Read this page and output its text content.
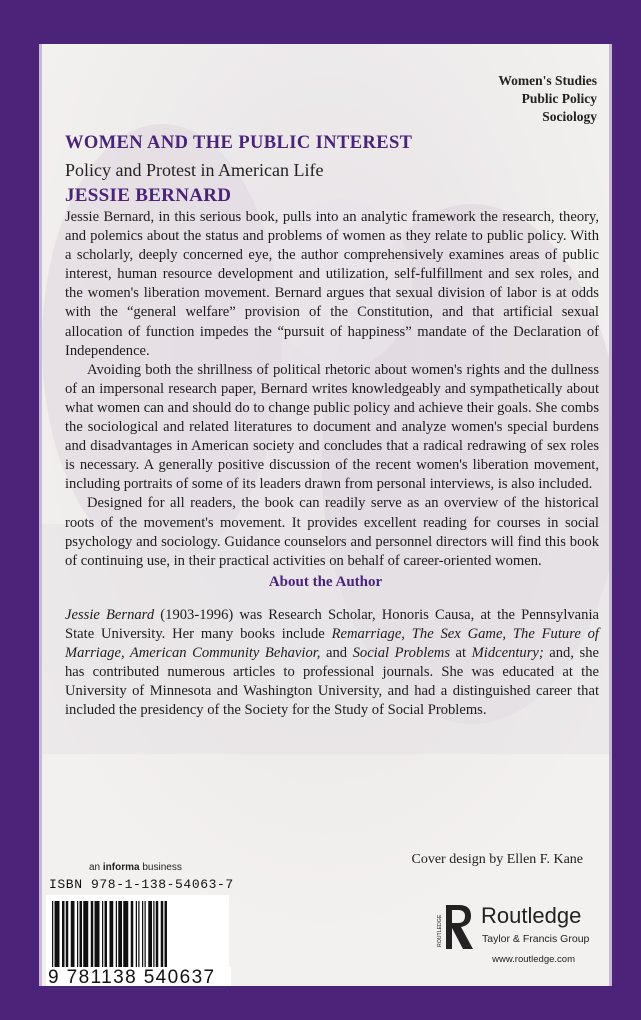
Women's Studies
Public Policy
Sociology
WOMEN AND THE PUBLIC INTEREST
Policy and Protest in American Life
JESSIE BERNARD

Jessie Bernard, in this serious book, pulls into an analytic framework the research, theory, and polemics about the status and problems of women as they relate to public policy. With a scholarly, deeply concerned eye, the author comprehensively examines areas of public interest, human resource development and utilization, self-fulfillment and sex roles, and the women's liberation movement. Bernard argues that sexual division of labor is at odds with the “general welfare” provision of the Constitution, and that artificial sexual allocation of function impedes the “pursuit of happiness” mandate of the Declaration of Independence.

Avoiding both the shrillness of political rhetoric about women's rights and the dullness of an impersonal research paper, Bernard writes knowledgeably and sympathetically about what women can and should do to change public policy and achieve their goals. She combs the sociological and related literatures to document and analyze women's special burdens and disadvantages in American society and concludes that a radical redrawing of sex roles is necessary. A generally positive discussion of the recent women's liberation movement, including portraits of some of its leaders drawn from personal interviews, is also included.

Designed for all readers, the book can readily serve as an overview of the historical roots of the movement's movement. It provides excellent reading for courses in social psychology and sociology. Guidance counselors and personnel directors will find this book of continuing use, in their practical activities on behalf of career-oriented women.

About the Author
Jessie Bernard (1903-1996) was Research Scholar, Honoris Causa, at the Pennsylvania State University. Her many books include Remarriage, The Sex Game, The Future of Marriage, American Community Behavior, and Social Problems at Midcentury; and, she has contributed numerous articles to professional journals. She was educated at the University of Minnesota and Washington University, and had a distinguished career that included the presidency of the Society for the Study of Social Problems.
Cover design by Ellen F. Kane
an informa business
ISBN 978-1-138-54063-7
9 781138 540637
ROUTLEDGE Routledge
Taylor & Francis Group
www.routledge.com
